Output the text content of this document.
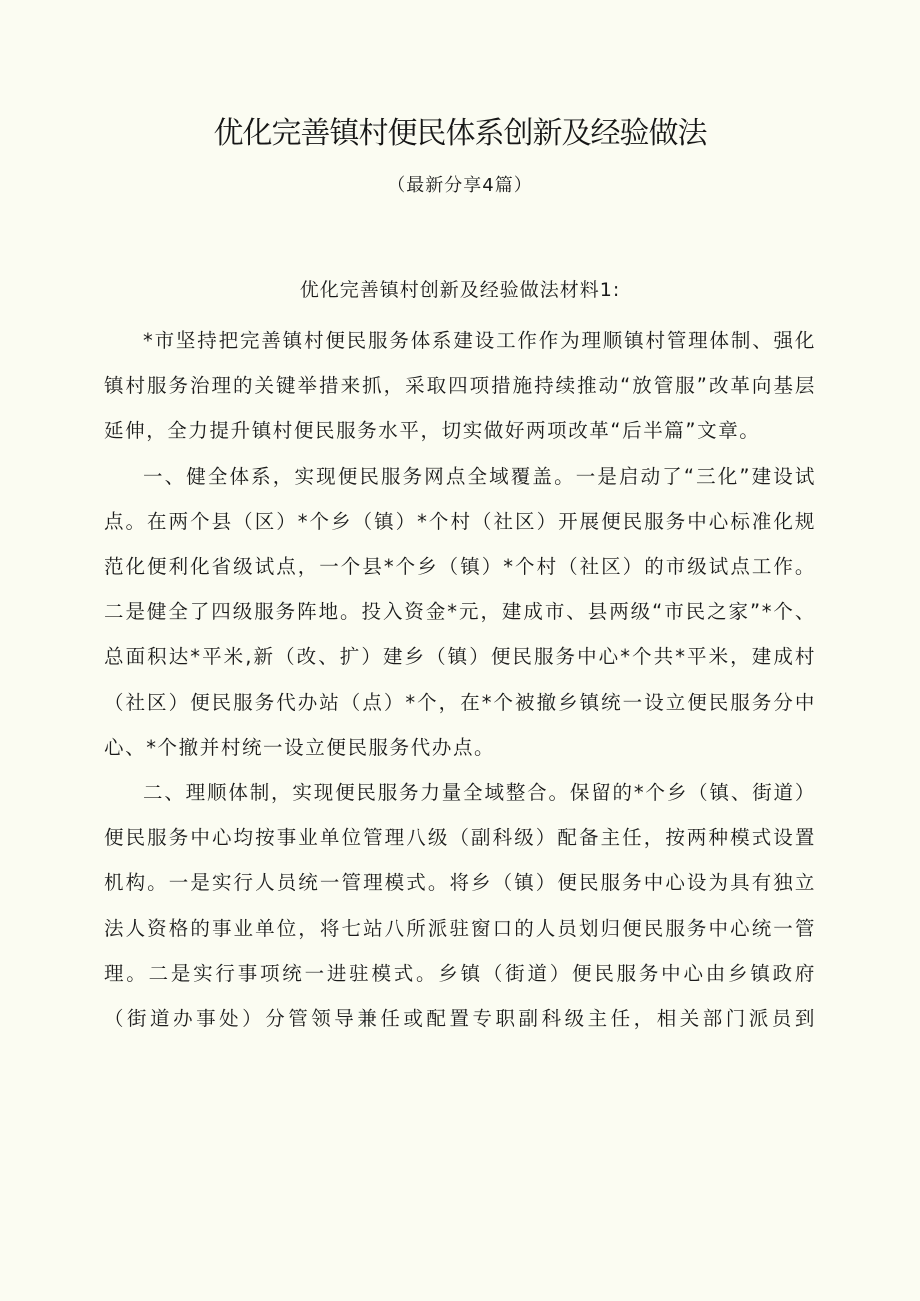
优化完善镇村便民体系创新及经验做法
（最新分享4篇）
优化完善镇村创新及经验做法材料1:

*市坚持把完善镇村便民服务体系建设工作作为理顺镇村管理体制、强化镇村服务治理的关键举措来抓，采取四项措施持续推动“放管服”改革向基层延伸，全力提升镇村便民服务水平，切实做好两项改革“后半篇”文章。

一、健全体系，实现便民服务网点全域覆盖。一是启动了“三化”建设试点。在两个县（区）*个乡（镇）*个村（社区）开展便民服务中心标准化规范化便利化省级试点，一个县*个乡（镇）*个村（社区）的市级试点工作。二是健全了四级服务阵地。投入资金*元，建成市、县两级“市民之家”*个、总面积达*平米,新（改、扩）建乡（镇）便民服务中心*个共*平米，建成村（社区）便民服务代办站（点）*个，在*个被撤乡镇统一设立便民服务分中心、*个撤并村统一设立便民服务代办点。

二、理顺体制，实现便民服务力量全域整合。保留的*个乡（镇、街道）便民服务中心均按事业单位管理八级（副科级）配备主任，按两种模式设置机构。一是实行人员统一管理模式。将乡（镇）便民服务中心设为具有独立法人资格的事业单位，将七站八所派驻窗口的人员划归便民服务中心统一管理。二是实行事项统一进驻模式。乡镇（街道）便民服务中心由乡镇政府（街道办事处）分管领导兼任或配置专职副科级主任，相关部门派员到
